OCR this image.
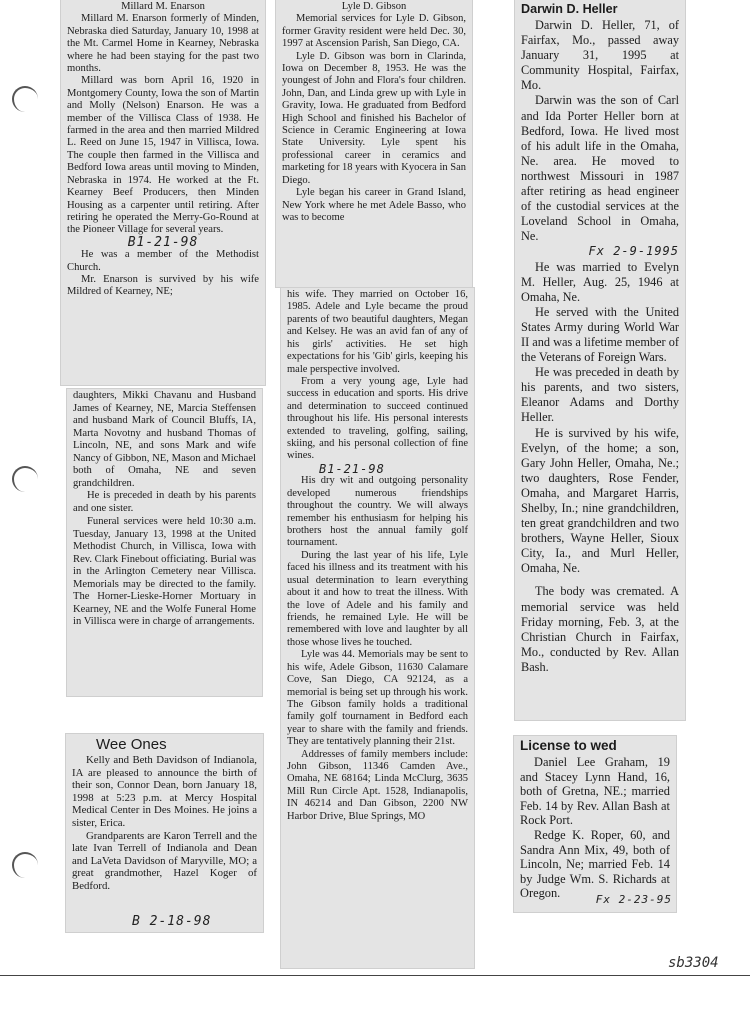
Millard M. Enarson

Millard M. Enarson formerly of Minden, Nebraska died Saturday, January 10, 1998 at the Mt. Carmel Home in Kearney, Nebraska where he had been staying for the past two months.

Millard was born April 16, 1920 in Montgomery County, Iowa the son of Martin and Molly (Nelson) Enarson. He was a member of the Villisca Class of 1938. He farmed in the area and then married Mildred L. Reed on June 15, 1947 in Villisca, Iowa. The couple then farmed in the Villisca and Bedford Iowa areas until moving to Minden, Nebraska in 1974. He worked at the Ft. Kearney Beef Producers, then Minden Housing as a carpenter until retiring. After retiring he operated the Merry-Go-Round at the Pioneer Village for several years.

B1-21-98

He was a member of the Methodist Church.

Mr. Enarson is survived by his wife Mildred of Kearney, NE;

daughters, Mikki Chavanu and Husband James of Kearney, NE, Marcia Steffensen and husband Mark of Council Bluffs, IA, Marta Novotny and husband Thomas of Lincoln, NE, and sons Mark and wife Nancy of Gibbon, NE, Mason and Michael both of Omaha, NE and seven grandchildren.

He is preceded in death by his parents and one sister.

Funeral services were held 10:30 a.m. Tuesday, January 13, 1998 at the United Methodist Church, in Villisca, Iowa with Rev. Clark Finebout officiating. Burial was in the Arlington Cemetery near Villisca. Memorials may be directed to the family. The Horner-Lieske-Horner Mortuary in Kearney, NE and the Wolfe Funeral Home in Villisca were in charge of arrangements.

Wee Ones

Kelly and Beth Davidson of Indianola, IA are pleased to announce the birth of their son, Connor Dean, born January 18, 1998 at 5:23 p.m. at Mercy Hospital Medical Center in Des Moines. He joins a sister, Erica.

Grandparents are Karon Terrell and the late Ivan Terrell of Indianola and Dean and LaVeta Davidson of Maryville, MO; a great grandmother, Hazel Koger of Bedford.

B 2-18-98

Lyle D. Gibson

Memorial services for Lyle D. Gibson, former Gravity resident were held Dec. 30, 1997 at Ascension Parish, San Diego, CA.

Lyle D. Gibson was born in Clarinda, Iowa on December 8, 1953. He was the youngest of John and Flora's four children. John, Dan, and Linda grew up with Lyle in Gravity, Iowa. He graduated from Bedford High School and finished his Bachelor of Science in Ceramic Engineering at Iowa State University. Lyle spent his professional career in ceramics and marketing for 18 years with Kyocera in San Diego.

Lyle began his career in Grand Island, New York where he met Adele Basso, who was to become

his wife. They married on October 16, 1985. Adele and Lyle became the proud parents of two beautiful daughters, Megan and Kelsey. He was an avid fan of any of his girls' activities. He set high expectations for his 'Gib' girls, keeping his male perspective involved.

From a very young age, Lyle had success in education and sports. His drive and determination to succeed continued throughout his life. His personal interests extended to traveling, golfing, sailing, skiing, and his personal collection of fine wines.

B1-21-98

His dry wit and outgoing personality developed numerous friendships throughout the country. We will always remember his enthusiasm for helping his brothers host the annual family golf tournament.

During the last year of his life, Lyle faced his illness and its treatment with his usual determination to learn everything about it and how to treat the illness. With the love of Adele and his family and friends, he remained Lyle. He will be remembered with love and laughter by all those whose lives he touched.

Lyle was 44. Memorials may be sent to his wife, Adele Gibson, 11630 Calamare Cove, San Diego, CA 92124, as a memorial is being set up through his work. The Gibson family holds a traditional family golf tournament in Bedford each year to share with the family and friends. They are tentatively planning their 21st.

Addresses of family members include: John Gibson, 11346 Camden Ave., Omaha, NE 68164; Linda McClurg, 3635 Mill Run Circle Apt. 1528, Indianapolis, IN 46214 and Dan Gibson, 2200 NW Harbor Drive, Blue Springs, MO

Darwin D. Heller

Darwin D. Heller, 71, of Fairfax, Mo., passed away January 31, 1995 at Community Hospital, Fairfax, Mo.

Darwin was the son of Carl and Ida Porter Heller born at Bedford, Iowa. He lived most of his adult life in the Omaha, Ne. area. He moved to northwest Missouri in 1987 after retiring as head engineer of the custodial services at the Loveland School in Omaha, Ne.

Fx 2-9-1995

He was married to Evelyn M. Heller, Aug. 25, 1946 at Omaha, Ne.

He served with the United States Army during World War II and was a lifetime member of the Veterans of Foreign Wars.

He was preceded in death by his parents, and two sisters, Eleanor Adams and Dorthy Heller.

He is survived by his wife, Evelyn, of the home; a son, Gary John Heller, Omaha, Ne.; two daughters, Rose Fender, Omaha, and Margaret Harris, Shelby, In.; nine grandchildren, ten great grandchildren and two brothers, Wayne Heller, Sioux City, Ia., and Murl Heller, Omaha, Ne.

The body was cremated. A memorial service was held Friday morning, Feb. 3, at the Christian Church in Fairfax, Mo., conducted by Rev. Allan Bash.

License to wed

Daniel Lee Graham, 19 and Stacey Lynn Hand, 16, both of Gretna, NE.; married Feb. 14 by Rev. Allan Bash at Rock Port.

Redge K. Roper, 60, and Sandra Ann Mix, 49, both of Lincoln, Ne; married Feb. 14 by Judge Wm. S. Richards at Oregon.	Fx 2-23-95

sb3304
